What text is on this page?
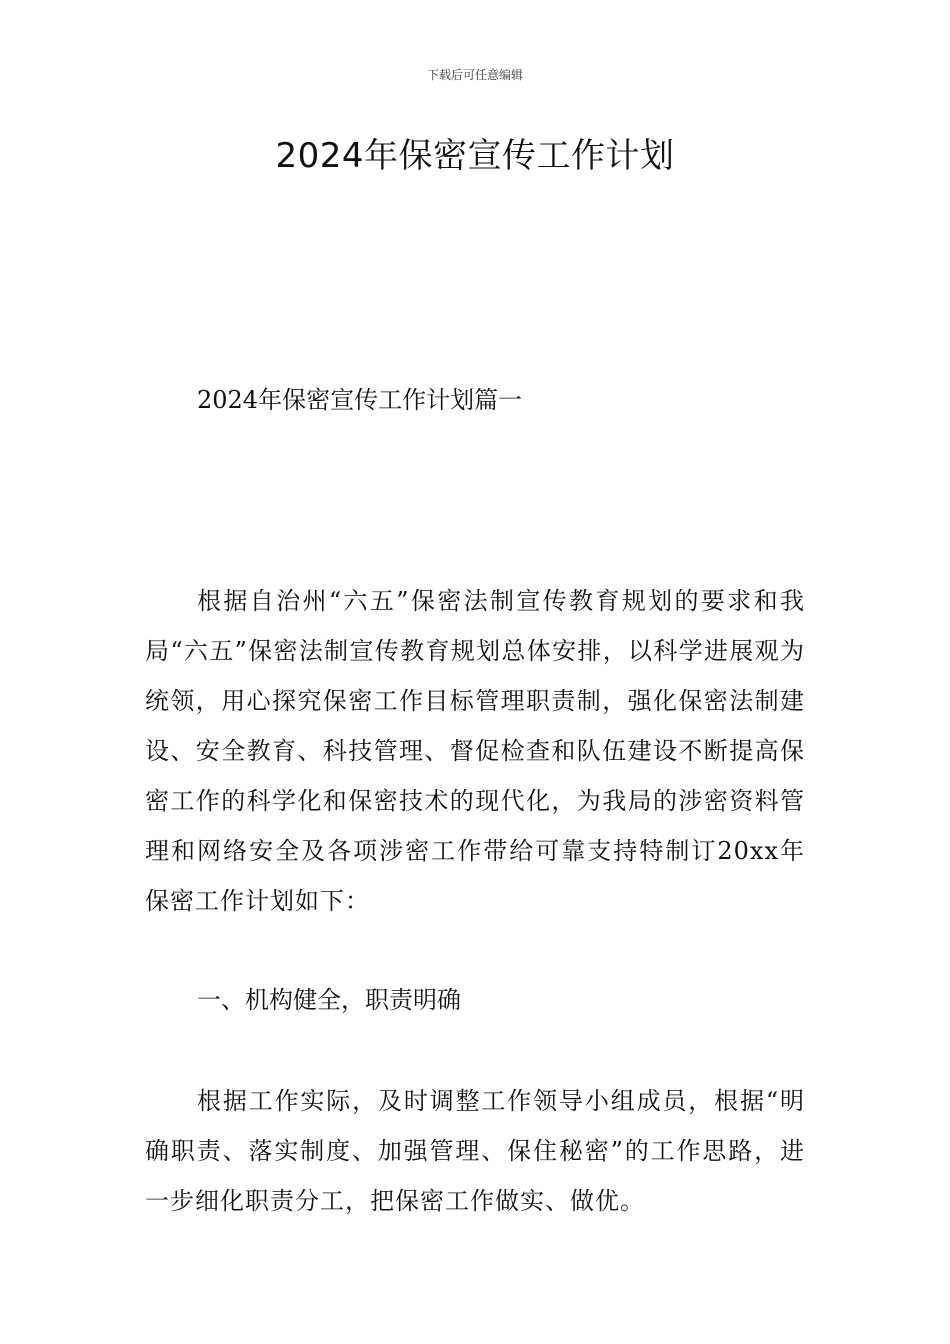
下载后可任意编辑
2024年保密宣传工作计划
2024年保密宣传工作计划篇一

根据自治州“六五”保密法制宣传教育规划的要求和我局“六五”保密法制宣传教育规划总体安排，以科学进展观为统领，用心探究保密工作目标管理职责制，强化保密法制建设、安全教育、科技管理、督促检查和队伍建设不断提高保密工作的科学化和保密技术的现代化，为我局的涉密资料管理和网络安全及各项涉密工作带给可靠支持特制订20xx年保密工作计划如下：

一、机构健全，职责明确

根据工作实际，及时调整工作领导小组成员，根据“明确职责、落实制度、加强管理、保住秘密”的工作思路，进一步细化职责分工，把保密工作做实、做优。
